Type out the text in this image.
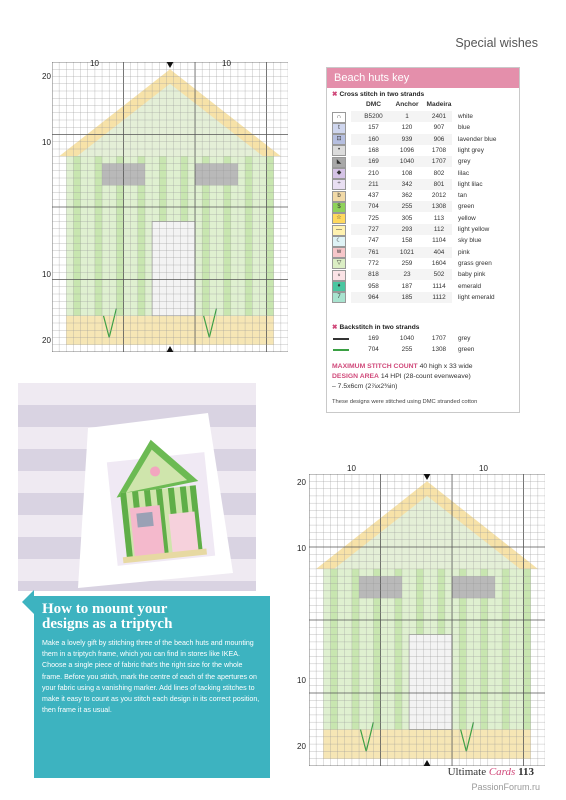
Special wishes
10	10
20
10
10
20
Beach huts key
✖ Cross stitch in two strands
DMC	Anchor	Madeira
∩	B5200	1	2401	white
t	157	120	907	blue
⊡	160	939	906	lavender blue
•	168	1096	1708	light grey
◣	169	1040	1707	grey
◆	210	108	802	lilac
÷	211	342	801	light lilac
b	437	362	2012	tan
$	704	255	1308	green
☆	725	305	113	yellow
—	727	293	112	light yellow
☾	747	158	1104	sky blue
w	761	1021	404	pink
▽	772	259	1604	grass green
ℴ	818	23	502	baby pink
♦	958	187	1114	emerald
7	964	185	1112	light emerald
✖ Backstitch in two strands
169	1040	1707	grey
704	255	1308	green
MAXIMUM STITCH COUNT 40 high x 33 wide
DESIGN AREA 14 HPI (28-count evenweave)
– 7.5x6cm (2⅞x2⅜in)
These designs were stitched using DMC stranded cotton
10	10
20
10
10
20
How to mount your
designs as a triptych
Make a lovely gift by stitching three of the beach huts and mounting them in a triptych frame, which you can find in stores like IKEA. Choose a single piece of fabric that's the right size for the whole frame. Before you stitch, mark the centre of each of the apertures on your fabric using a vanishing marker. Add lines of tacking stitches to make it easy to count as you stitch each design in its correct position, then frame it as usual.
Ultimate Cards 113
PassionForum.ru
